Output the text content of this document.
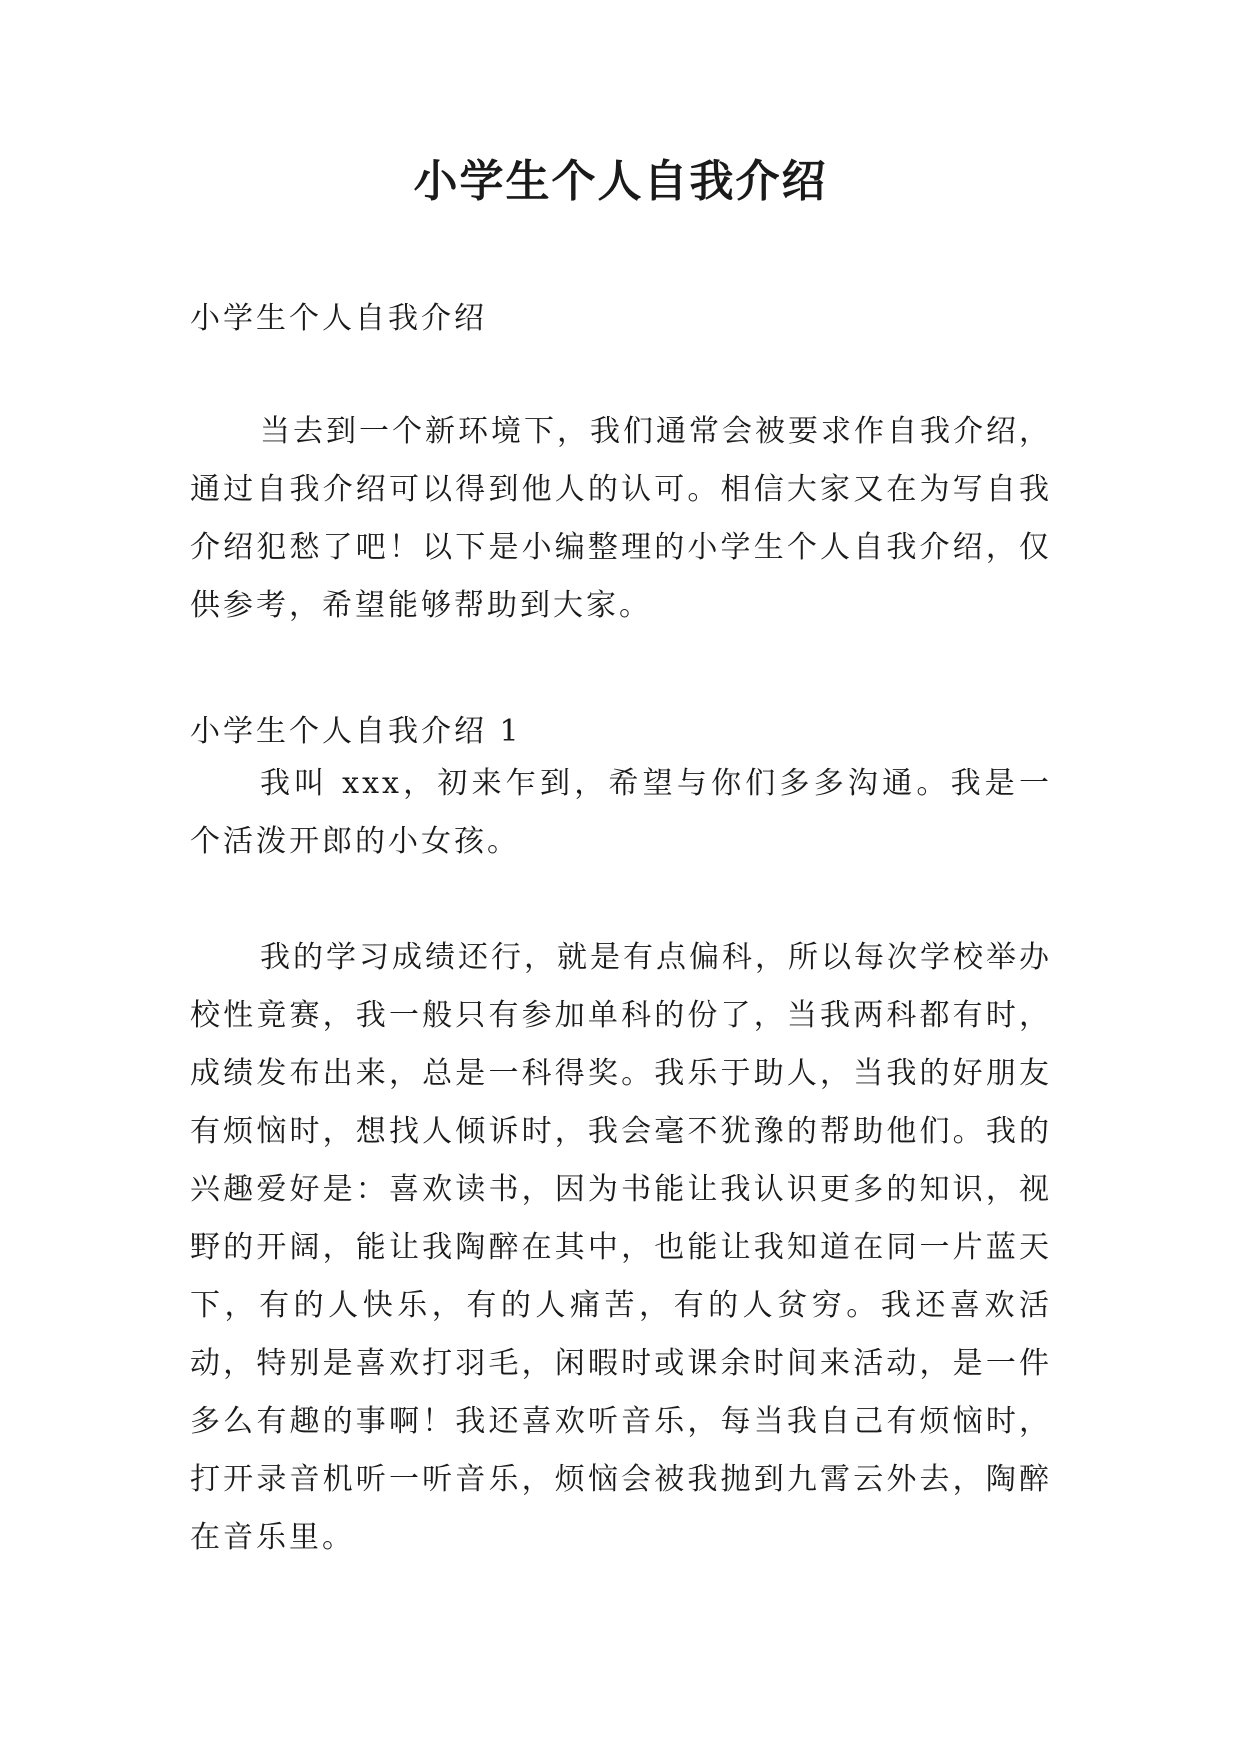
小学生个人自我介绍

小学生个人自我介绍

当去到一个新环境下，我们通常会被要求作自我介绍，通过自我介绍可以得到他人的认可。相信大家又在为写自我介绍犯愁了吧！以下是小编整理的小学生个人自我介绍，仅供参考，希望能够帮助到大家。

小学生个人自我介绍 1

我叫 xxx，初来乍到，希望与你们多多沟通。我是一个活泼开郎的小女孩。

我的学习成绩还行，就是有点偏科，所以每次学校举办校性竟赛，我一般只有参加单科的份了，当我两科都有时，成绩发布出来，总是一科得奖。我乐于助人，当我的好朋友有烦恼时，想找人倾诉时，我会毫不犹豫的帮助他们。我的兴趣爱好是：喜欢读书，因为书能让我认识更多的知识，视野的开阔，能让我陶醉在其中，也能让我知道在同一片蓝天下，有的人快乐，有的人痛苦，有的人贫穷。我还喜欢活动，特别是喜欢打羽毛，闲暇时或课余时间来活动，是一件多么有趣的事啊！我还喜欢听音乐，每当我自己有烦恼时，打开录音机听一听音乐，烦恼会被我抛到九霄云外去，陶醉在音乐里。
